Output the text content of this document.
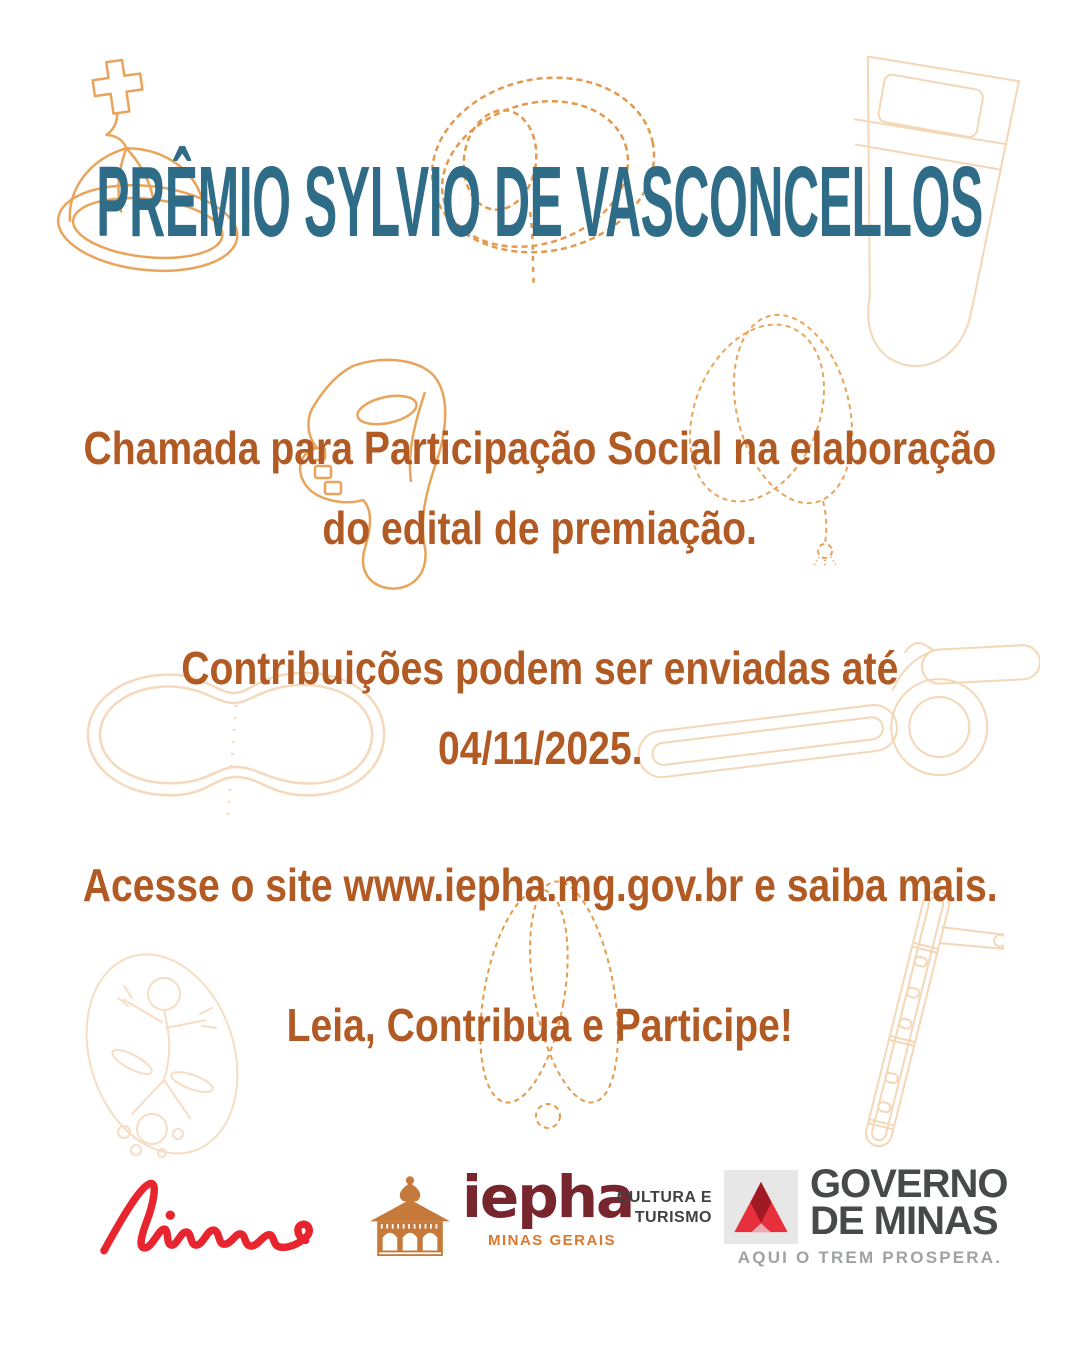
PRÊMIO SYLVIO DE VASCONCELLOS
Chamada para Participação Social na elaboração
do edital de premiação.
Contribuições podem ser enviadas até
04/11/2025.
Acesse o site www.iepha.mg.gov.br e saiba mais.
Leia, Contribua e Participe!
iepha
MINAS GERAIS
CULTURA E
TURISMO
GOVERNO
DE MINAS
AQUI O TREM PROSPERA.
